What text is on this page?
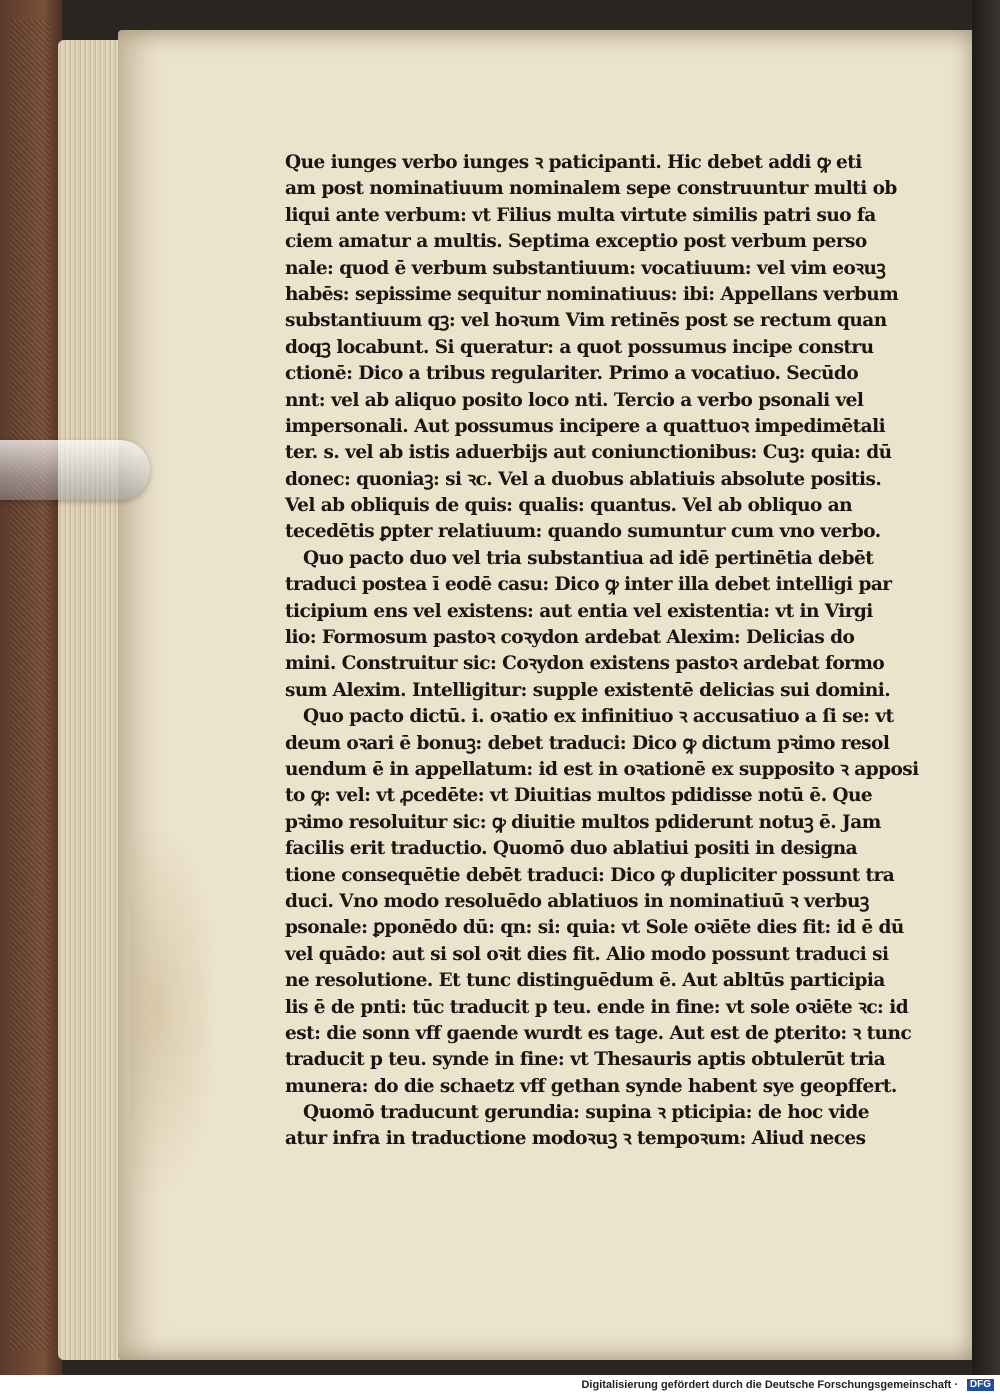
Que iunges verbo iunges ꝛ paticipanti. Hic debet addi ꝙ eti
am post nominatiuum nominalem sepe construuntur multi ob
liqui ante verbum: vt Filius multa virtute similis patri suo fa
ciem amatur a multis. Septima exceptio post verbum perso
nale: quod ē verbum substantiuum: vocatiuum: vel vim eoꝛuꝫ
habēs: sepissime sequitur nominatiuus: ibi: Appellans verbum
substantiuum qꝫ: vel hoꝛum Vim retinēs post se rectum quan
doqꝫ locabunt. Si queratur: a quot possumus incipe constru
ctionē: Dico a tribus regulariter. Primo a vocatiuo. Secūdo
nnt: vel ab aliquo posito loco nti. Tercio a verbo psonali vel
impersonali. Aut possumus incipere a quattuoꝛ impedimētali
ter. s. vel ab istis aduerbijs aut coniunctionibus: Cuꝫ: quia: dū
donec: quoniaꝫ: si ꝛc. Vel a duobus ablatiuis absolute positis.
Vel ab obliquis de quis: qualis: quantus. Vel ab obliquo an
tecedētis ꝑpter relatiuum: quando sumuntur cum vno verbo.
Quo pacto duo vel tria substantiua ad idē pertinētia debēt
traduci postea ī eodē casu: Dico ꝙ inter illa debet intelligi par
ticipium ens vel existens: aut entia vel existentia: vt in Virgi
lio: Formosum pastoꝛ coꝛydon ardebat Alexim: Delicias do
mini. Construitur sic: Coꝛydon existens pastoꝛ ardebat formo
sum Alexim. Intelligitur: supple existentē delicias sui domini.
Quo pacto dictū. i. oꝛatio ex infinitiuo ꝛ accusatiuo a ſi se: vt
deum oꝛari ē bonuꝫ: debet traduci: Dico ꝙ dictum pꝛimo resol
uendum ē in appellatum: id est in oꝛationē ex supposito ꝛ apposi
to ꝙ: vel: vt ꝓcedēte: vt Diuitias multos pdidisse notū ē. Que
pꝛimo resoluitur sic: ꝙ diuitie multos pdiderunt notuꝫ ē. Jam
facilis erit traductio. Quomō duo ablatiui positi in designa
tione consequētie debēt traduci: Dico ꝙ dupliciter possunt tra
duci. Vno modo resoluēdo ablatiuos in nominatiuū ꝛ verbuꝫ
psonale: ꝑponēdo dū: qn: si: quia: vt Sole oꝛiēte dies fit: id ē dū
vel quādo: aut si sol oꝛit dies fit. Alio modo possunt traduci si
ne resolutione. Et tunc distinguēdum ē. Aut abltūs participia
lis ē de pnti: tūc traducit p teu. ende in fine: vt sole oꝛiēte ꝛc: id
est: die sonn vff gaende wurdt es tage. Aut est de ꝑterito: ꝛ tunc
traducit p teu. synde in fine: vt Thesauris aptis obtulerūt tria
munera: do die schaetz vff gethan synde habent sye geopffert.
Quomō traducunt gerundia: supina ꝛ pticipia: de hoc vide
atur infra in traductione modoꝛuꝫ ꝛ tempoꝛum: Aliud neces
Digitalisierung gefördert durch die Deutsche Forschungsgemeinschaft ·	DFG
